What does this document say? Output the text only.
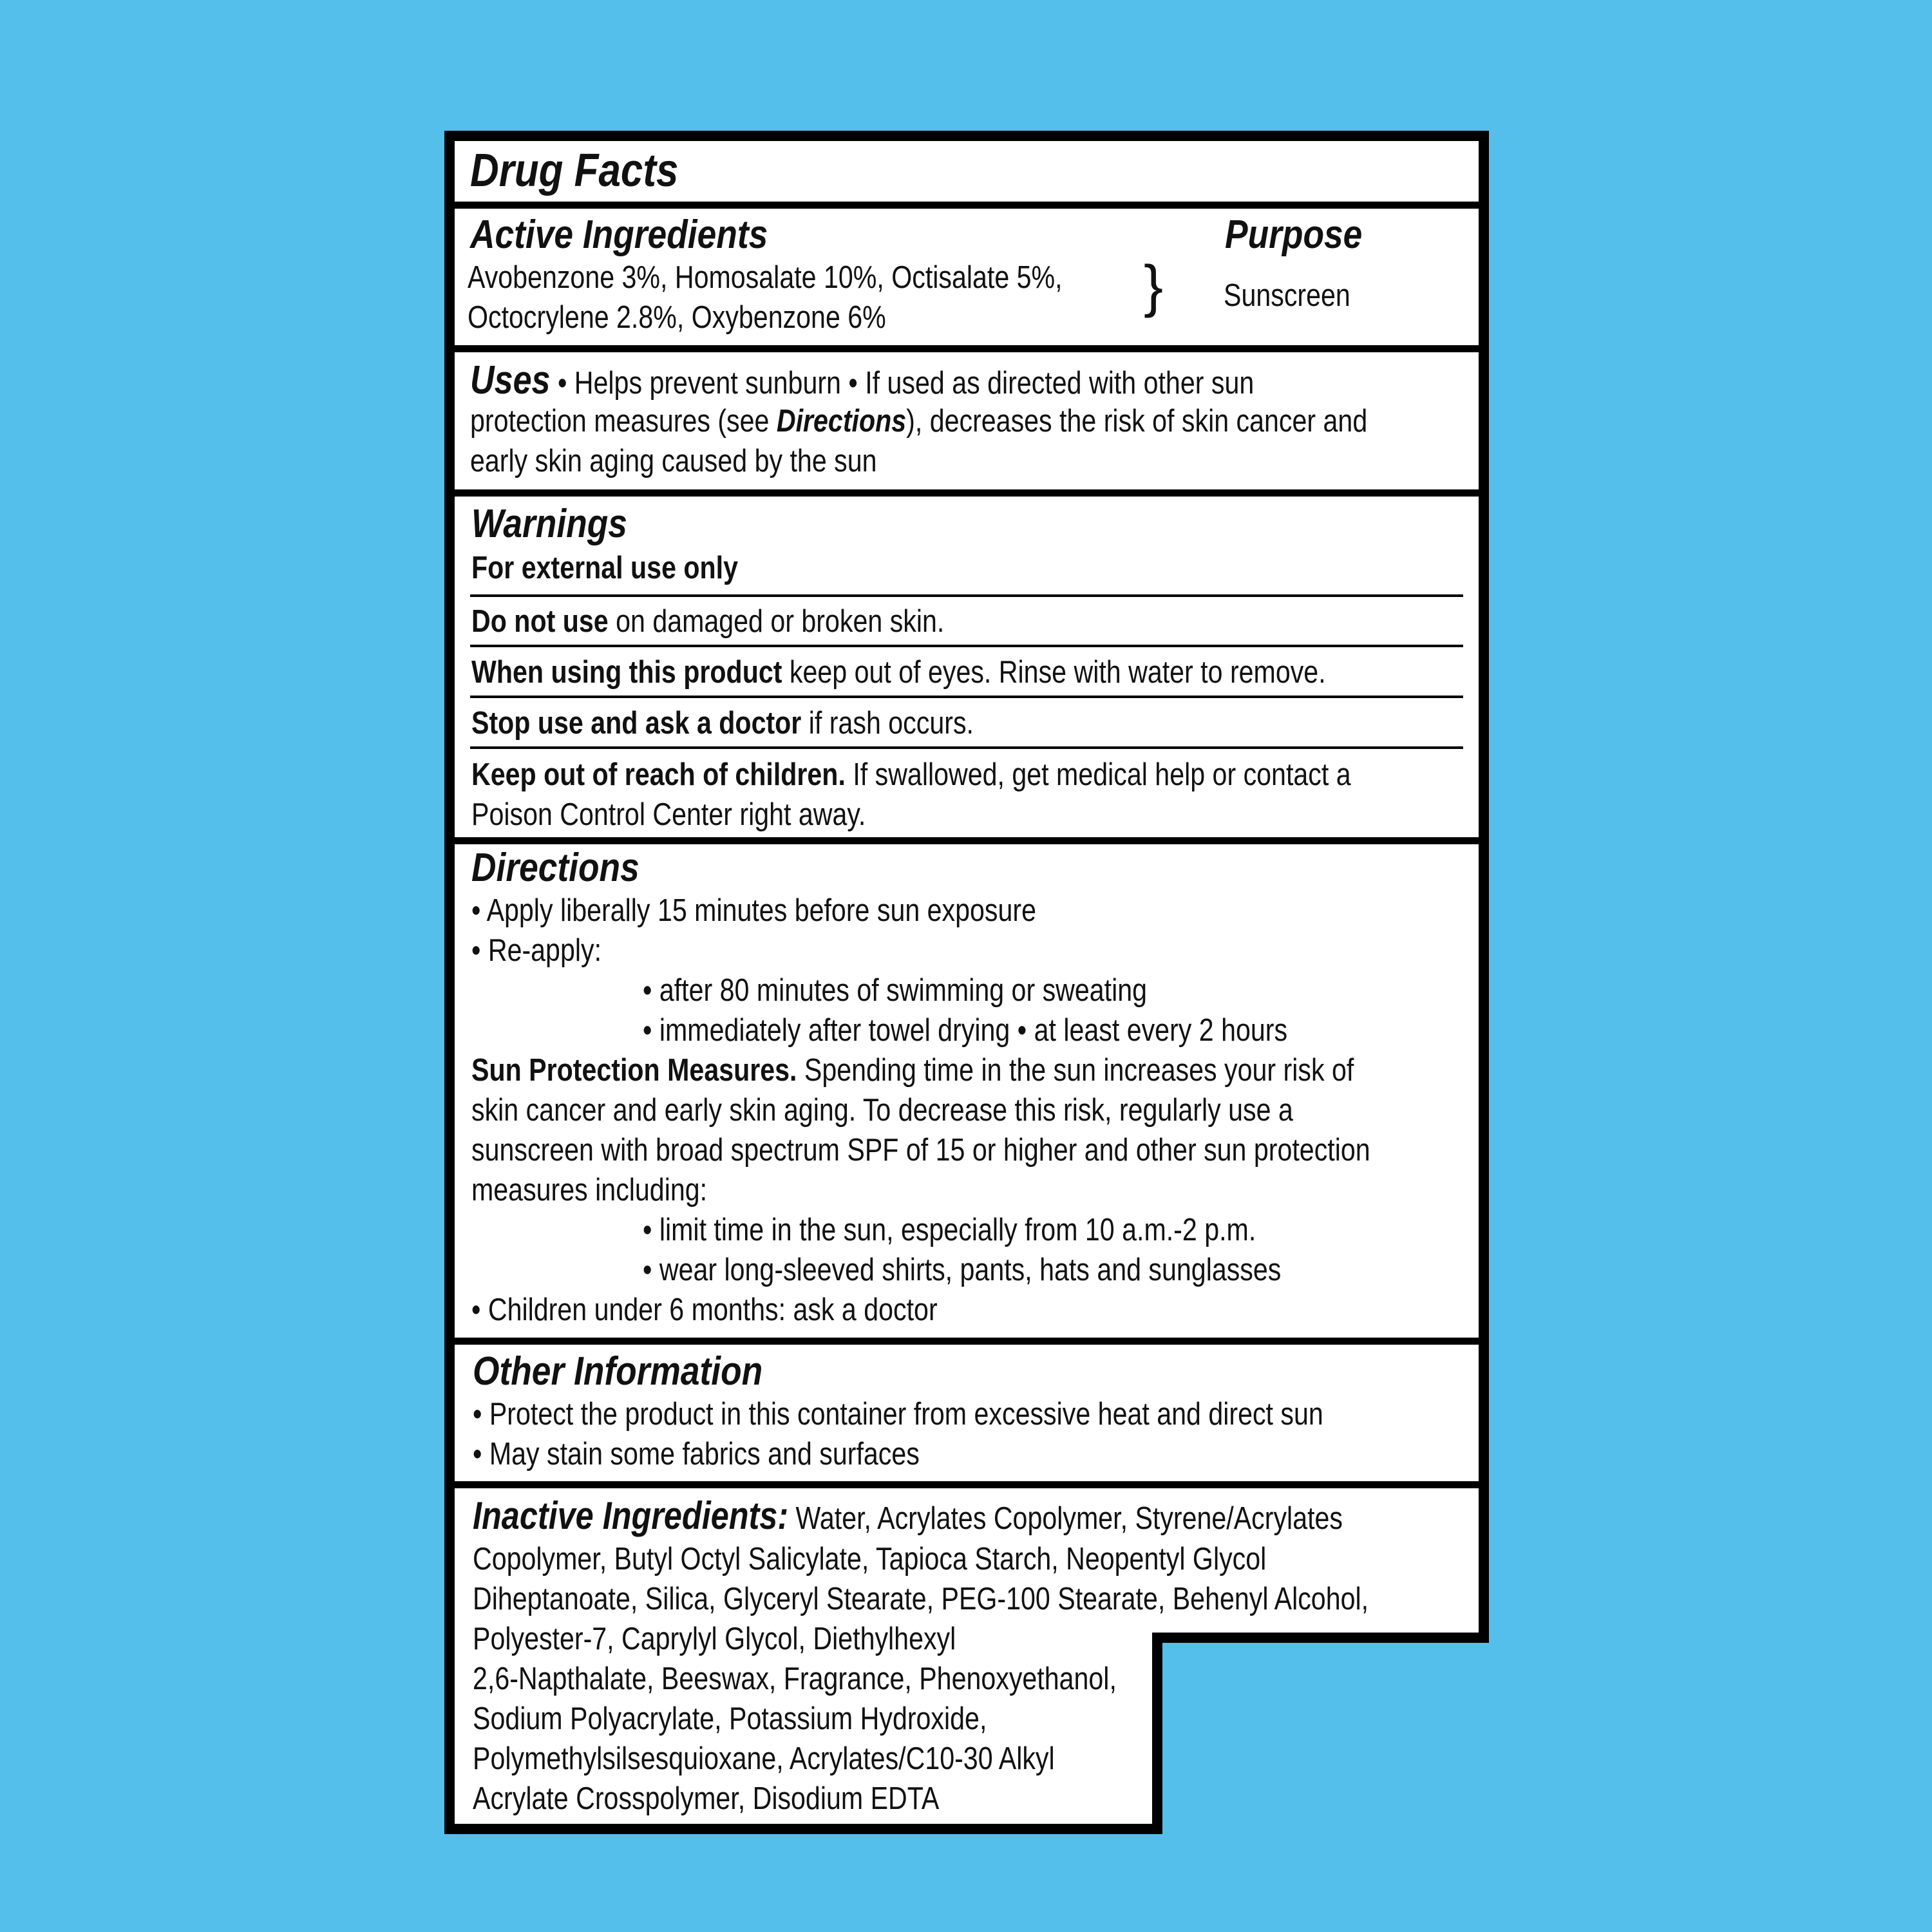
Drug Facts
Active Ingredients	Purpose
Avobenzone 3%, Homosalate 10%, Octisalate 5%,
Octocrylene 2.8%, Oxybenzone 6%	} Sunscreen
Uses • Helps prevent sunburn • If used as directed with other sun
protection measures (see Directions), decreases the risk of skin cancer and
early skin aging caused by the sun
Warnings
For external use only
Do not use on damaged or broken skin.
When using this product keep out of eyes. Rinse with water to remove.
Stop use and ask a doctor if rash occurs.
Keep out of reach of children. If swallowed, get medical help or contact a
Poison Control Center right away.
Directions
• Apply liberally 15 minutes before sun exposure
• Re-apply:
• after 80 minutes of swimming or sweating
• immediately after towel drying • at least every 2 hours
Sun Protection Measures. Spending time in the sun increases your risk of
skin cancer and early skin aging. To decrease this risk, regularly use a
sunscreen with broad spectrum SPF of 15 or higher and other sun protection
measures including:
• limit time in the sun, especially from 10 a.m.-2 p.m.
• wear long-sleeved shirts, pants, hats and sunglasses
• Children under 6 months: ask a doctor
Other Information
• Protect the product in this container from excessive heat and direct sun
• May stain some fabrics and surfaces
Inactive Ingredients: Water, Acrylates Copolymer, Styrene/Acrylates
Copolymer, Butyl Octyl Salicylate, Tapioca Starch, Neopentyl Glycol
Diheptanoate, Silica, Glyceryl Stearate, PEG-100 Stearate, Behenyl Alcohol,
Polyester-7, Caprylyl Glycol, Diethylhexyl
2,6-Napthalate, Beeswax, Fragrance, Phenoxyethanol,
Sodium Polyacrylate, Potassium Hydroxide,
Polymethylsilsesquioxane, Acrylates/C10-30 Alkyl
Acrylate Crosspolymer, Disodium EDTA
